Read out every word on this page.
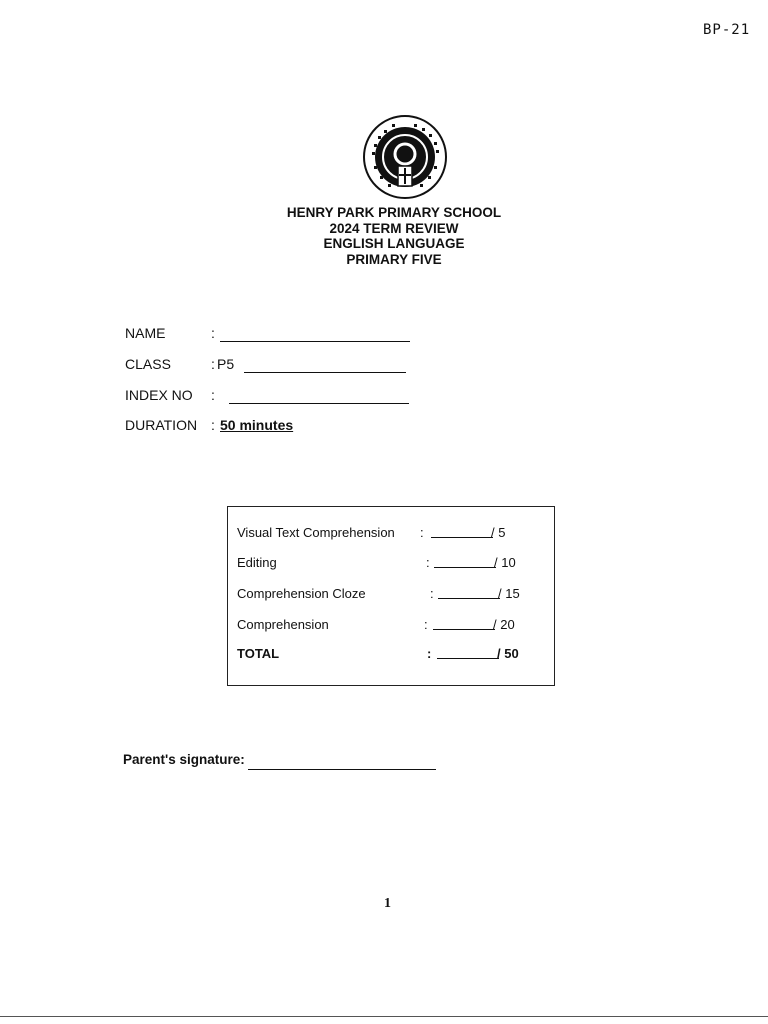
BP-21
HENRY PARK PRIMARY SCHOOL
2024 TERM REVIEW
ENGLISH LANGUAGE
PRIMARY FIVE
NAME	:
CLASS	: P5
INDEX NO :
DURATION : 50 minutes
Visual Text Comprehension :	/ 5
Editing	:	/ 10
Comprehension Cloze	:	/ 15
Comprehension	:	/ 20
TOTAL	:	/ 50
Parent's signature:
1
